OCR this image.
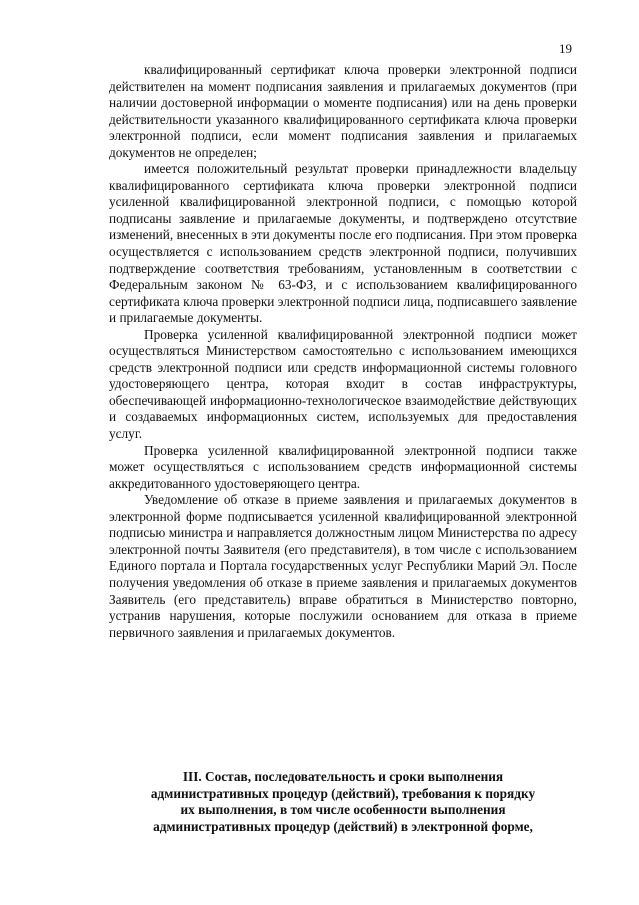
19

квалифицированный сертификат ключа проверки электронной подписи действителен на момент подписания заявления и прилагаемых документов (при наличии достоверной информации о моменте подписания) или на день проверки действительности указанного квалифицированного сертификата ключа проверки электронной подписи, если момент подписания заявления и прилагаемых документов не определен;

имеется положительный результат проверки принадлежности владельцу квалифицированного сертификата ключа проверки электронной подписи усиленной квалифицированной электронной подписи, с помощью которой подписаны заявление и прилагаемые документы, и подтверждено отсутствие изменений, внесенных в эти документы после его подписания. При этом проверка осуществляется с использованием средств электронной подписи, получивших подтверждение соответствия требованиям, установленным в соответствии с Федеральным законом № 63-ФЗ, и с использованием квалифицированного сертификата ключа проверки электронной подписи лица, подписавшего заявление и прилагаемые документы.

Проверка усиленной квалифицированной электронной подписи может осуществляться Министерством самостоятельно с использованием имеющихся средств электронной подписи или средств информационной системы головного удостоверяющего центра, которая входит в состав инфраструктуры, обеспечивающей информационно-технологическое взаимодействие действующих и создаваемых информационных систем, используемых для предоставления услуг.

Проверка усиленной квалифицированной электронной подписи также может осуществляться с использованием средств информационной системы аккредитованного удостоверяющего центра.

Уведомление об отказе в приеме заявления и прилагаемых документов в электронной форме подписывается усиленной квалифицированной электронной подписью министра и направляется должностным лицом Министерства по адресу электронной почты Заявителя (его представителя), в том числе с использованием Единого портала и Портала государственных услуг Республики Марий Эл. После получения уведомления об отказе в приеме заявления и прилагаемых документов Заявитель (его представитель) вправе обратиться в Министерство повторно, устранив нарушения, которые послужили основанием для отказа в приеме первичного заявления и прилагаемых документов.

III. Состав, последовательность и сроки выполнения
административных процедур (действий), требования к порядку
их выполнения, в том числе особенности выполнения
административных процедур (действий) в электронной форме,
